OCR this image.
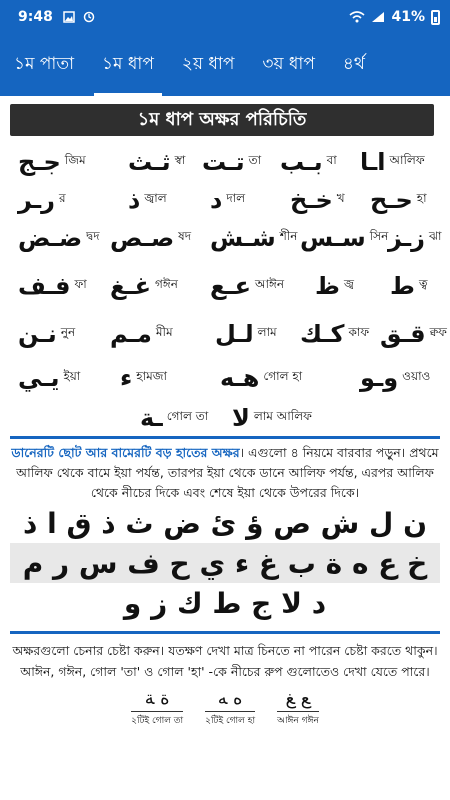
9:48	41%
১ম পাতা	১ম ধাপ	২য় ধাপ	৩য় ধাপ	৪র্থ
১ম ধাপ অক্ষর পরিচিতি
جـج জিম ثـث স্বা تـت তা بـب বা اـا আলিফ
رـر র	ذ জ্বাল د দাল خـخ খ حـح হা
ضـض দ্বদ صـص ষদ شـش শীন سـس সিন زـز ঝা
فـف ফা غـغ গঈন عـع আঈন ظ জ্ব ط ত্ব
نـن নুন مـم মীম لـل লাম كـك কাফ قـق ক্বফ
يـي ইয়া ء হামজা هـه গোল হা وـو ওয়াও
ـة গোল তা لا লাম আলিফ
ডানেরটি ছোট আর বামেরটি বড় হাতের অক্ষর। এগুলো ৪ নিয়মে বারবার পড়ুন। প্রথমে আলিফ থেকে বামে ইয়া পর্যন্ত, তারপর ইয়া থেকে ডানে আলিফ পর্যন্ত, এরপর আলিফ থেকে নীচের দিকে এবং শেষে ইয়া থেকে উপরের দিকে।
ن ل ش ص ؤ ئ ض ث ذ ق ا ذ
خ ع ه ة ب غ ء ي ح ف س ر م
د لا ج ط ك ز و
অক্ষরগুলো চেনার চেষ্টা করুন। যতক্ষণ দেখা মাত্র চিনতে না পারেন চেষ্টা করতে থাকুন। আঈন, গঈন, গোল 'তা' ও গোল 'হা' -কে নীচের রুপ গুলোতেও দেখা যেতে পারে।
ة ﺔ
২টিই গোল তা
ه ﻪ
২টিই গোল হা
ﻊ ﻎ
আঈন গঈন
